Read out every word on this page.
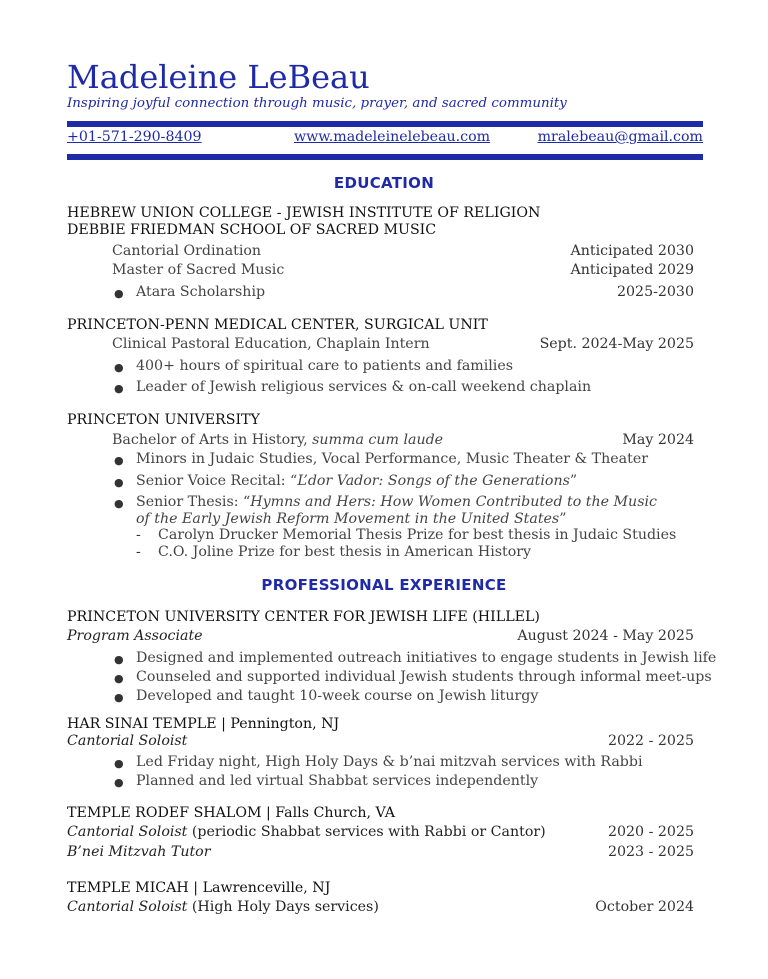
Madeleine LeBeau
Inspiring joyful connection through music, prayer, and sacred community
+01-571-290-8409	www.madeleinelebeau.com	mralebeau@gmail.com
EDUCATION
HEBREW UNION COLLEGE - JEWISH INSTITUTE OF RELIGION
DEBBIE FRIEDMAN SCHOOL OF SACRED MUSIC
Cantorial Ordination	Anticipated 2030
Master of Sacred Music	Anticipated 2029
● Atara Scholarship	2025-2030
PRINCETON-PENN MEDICAL CENTER, SURGICAL UNIT
Clinical Pastoral Education, Chaplain Intern	Sept. 2024-May 2025
● 400+ hours of spiritual care to patients and families
● Leader of Jewish religious services & on-call weekend chaplain
PRINCETON UNIVERSITY
Bachelor of Arts in History, summa cum laude	May 2024
● Minors in Judaic Studies, Vocal Performance, Music Theater & Theater
● Senior Voice Recital: “L’dor Vador: Songs of the Generations”
● Senior Thesis: “Hymns and Hers: How Women Contributed to the Music
of the Early Jewish Reform Movement in the United States”
- Carolyn Drucker Memorial Thesis Prize for best thesis in Judaic Studies
- C.O. Joline Prize for best thesis in American History
PROFESSIONAL EXPERIENCE
PRINCETON UNIVERSITY CENTER FOR JEWISH LIFE (HILLEL)
Program Associate	August 2024 - May 2025
● Designed and implemented outreach initiatives to engage students in Jewish life
● Counseled and supported individual Jewish students through informal meet-ups
● Developed and taught 10-week course on Jewish liturgy
HAR SINAI TEMPLE | Pennington, NJ
Cantorial Soloist	2022 - 2025
● Led Friday night, High Holy Days & b’nai mitzvah services with Rabbi
● Planned and led virtual Shabbat services independently
TEMPLE RODEF SHALOM | Falls Church, VA
Cantorial Soloist (periodic Shabbat services with Rabbi or Cantor)	2020 - 2025
B’nei Mitzvah Tutor	2023 - 2025
TEMPLE MICAH | Lawrenceville, NJ
Cantorial Soloist (High Holy Days services)	October 2024
